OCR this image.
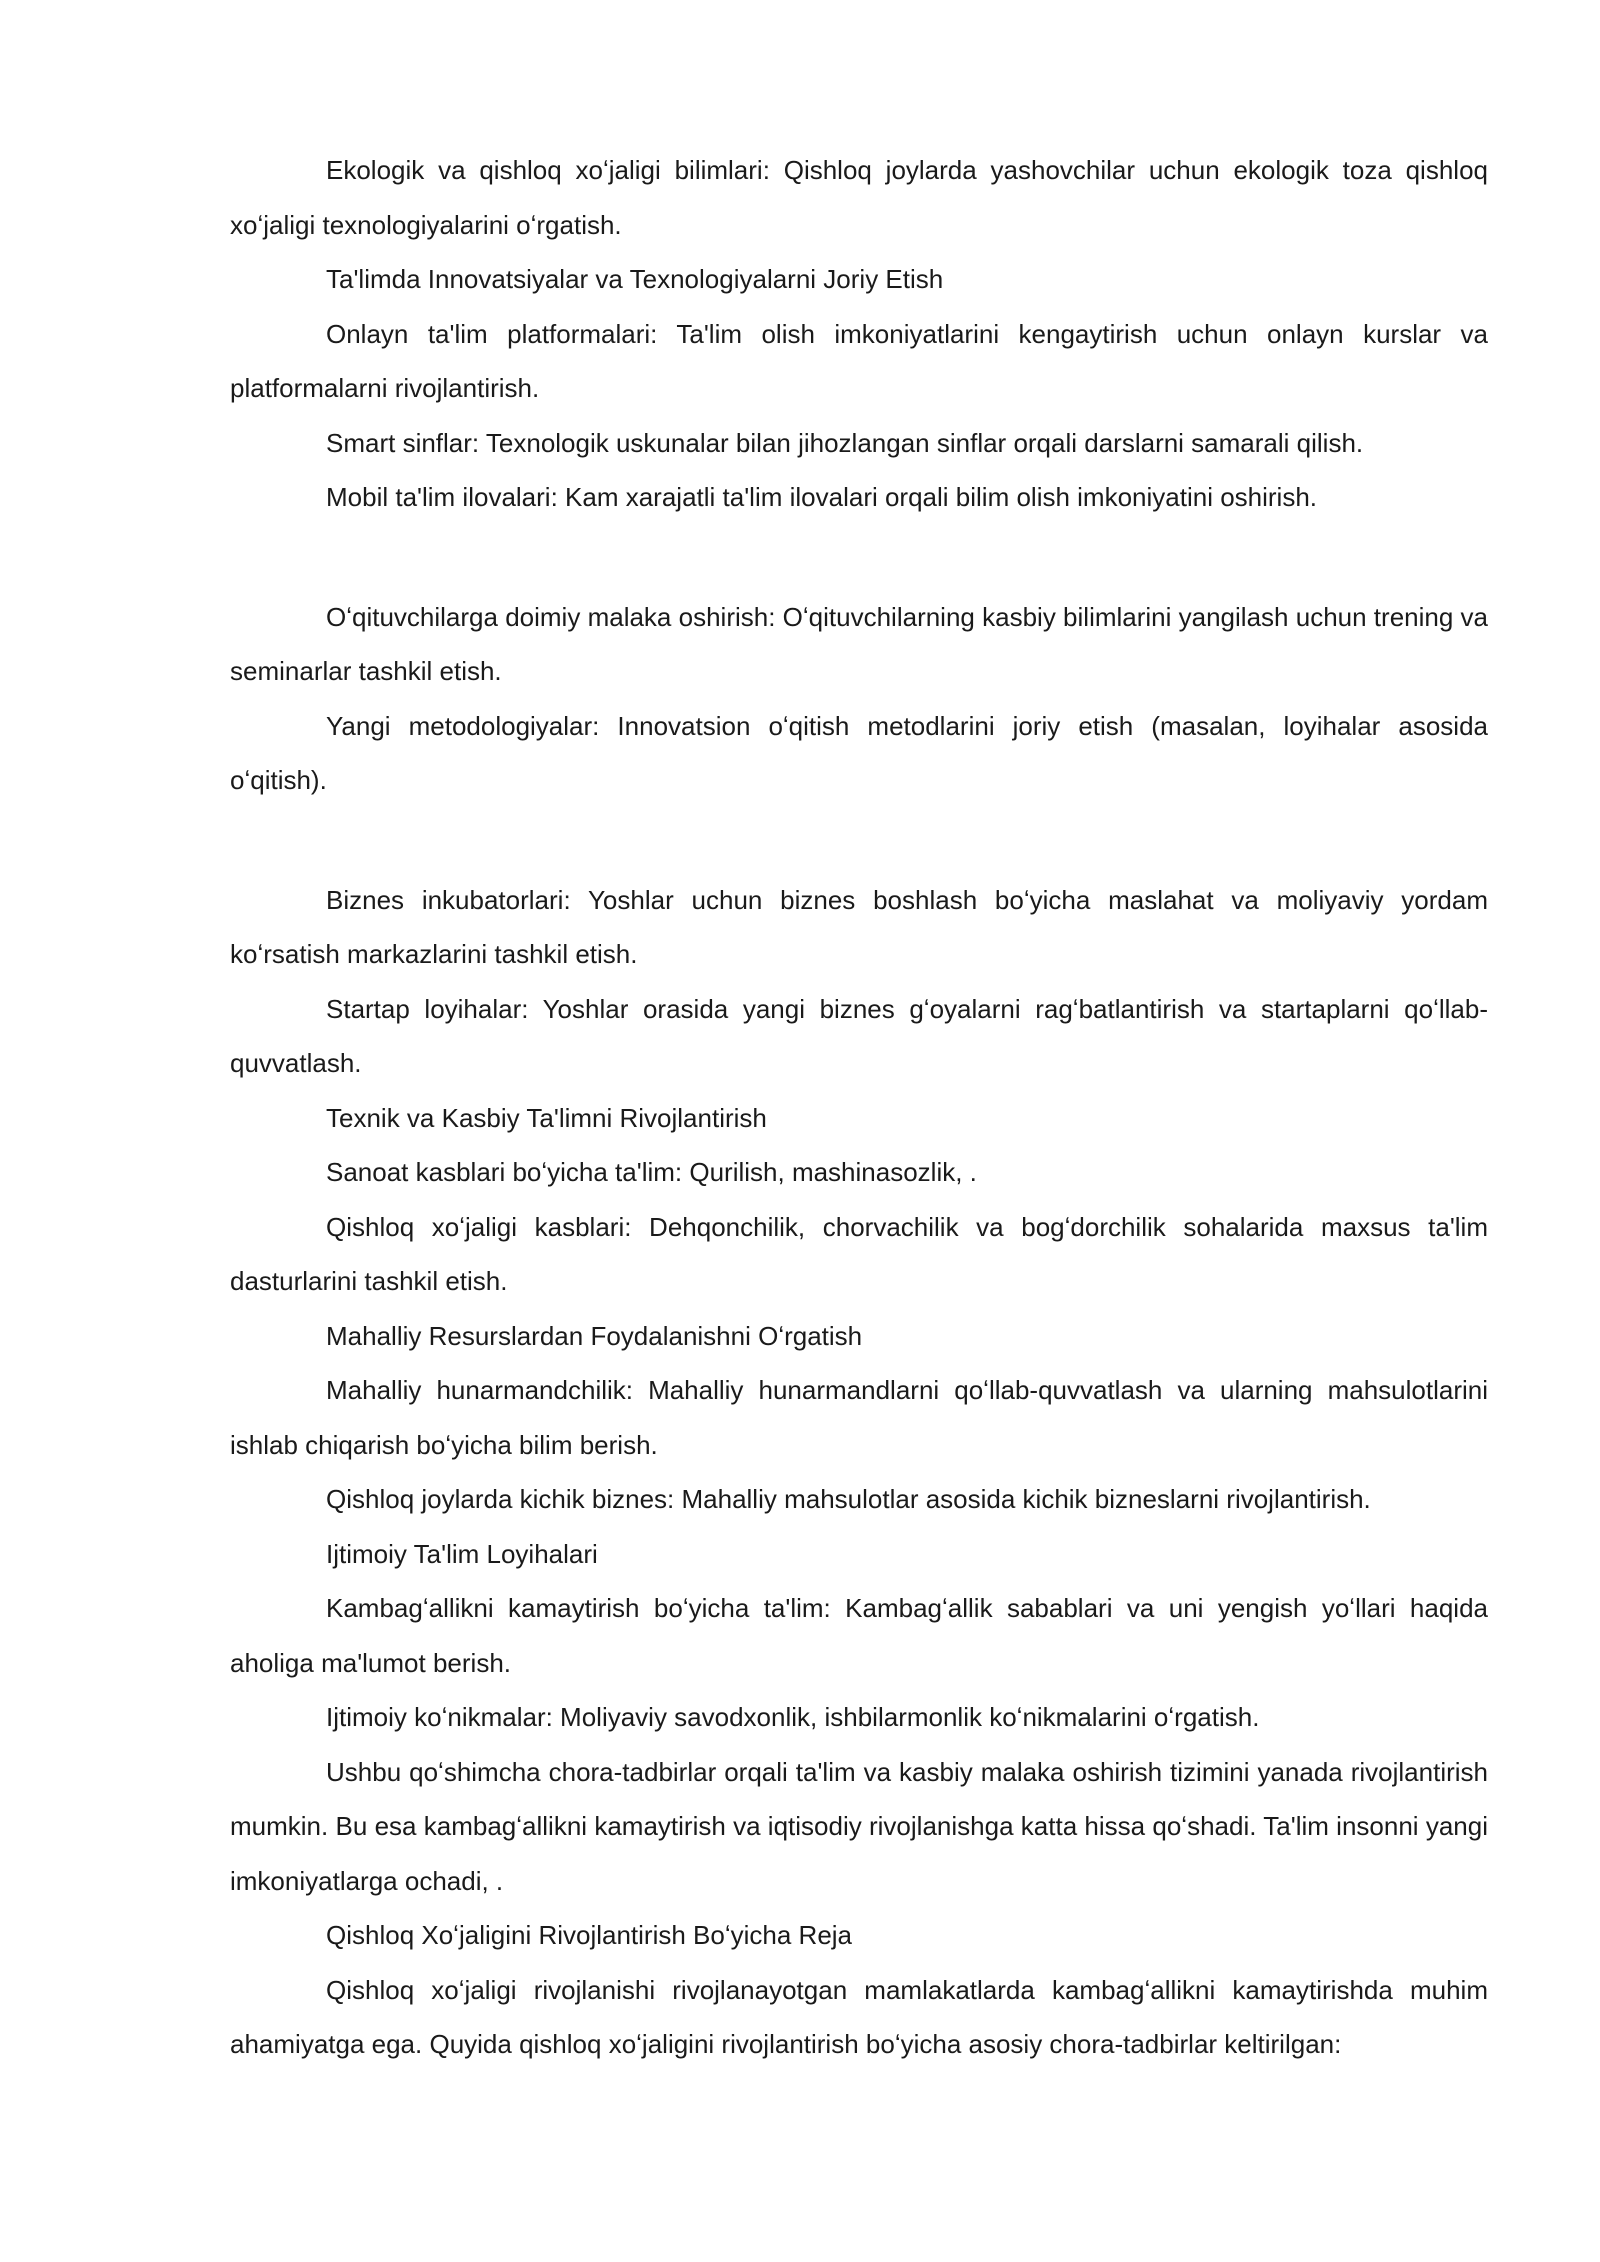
Ekologik va qishloq xoʻjaligi bilimlari: Qishloq joylarda yashovchilar uchun ekologik toza qishloq xoʻjaligi texnologiyalarini oʻrgatish.

Ta'limda Innovatsiyalar va Texnologiyalarni Joriy Etish

Onlayn ta'lim platformalari: Ta'lim olish imkoniyatlarini kengaytirish uchun onlayn kurslar va platformalarni rivojlantirish.

Smart sinflar: Texnologik uskunalar bilan jihozlangan sinflar orqali darslarni samarali qilish.

Mobil ta'lim ilovalari: Kam xarajatli ta'lim ilovalari orqali bilim olish imkoniyatini oshirish.

Oʻqituvchilarga doimiy malaka oshirish: Oʻqituvchilarning kasbiy bilimlarini yangilash uchun trening va seminarlar tashkil etish.

Yangi metodologiyalar: Innovatsion oʻqitish metodlarini joriy etish (masalan, loyihalar asosida oʻqitish).

Biznes inkubatorlari: Yoshlar uchun biznes boshlash boʻyicha maslahat va moliyaviy yordam koʻrsatish markazlarini tashkil etish.

Startap loyihalar: Yoshlar orasida yangi biznes gʻoyalarni ragʻbatlantirish va startaplarni qoʻllab-quvvatlash.

Texnik va Kasbiy Ta'limni Rivojlantirish

Sanoat kasblari boʻyicha ta'lim: Qurilish, mashinasozlik, .

Qishloq xoʻjaligi kasblari: Dehqonchilik, chorvachilik va bogʻdorchilik sohalarida maxsus ta'lim dasturlarini tashkil etish.

Mahalliy Resurslardan Foydalanishni Oʻrgatish

Mahalliy hunarmandchilik: Mahalliy hunarmandlarni qoʻllab-quvvatlash va ularning mahsulotlarini ishlab chiqarish boʻyicha bilim berish.

Qishloq joylarda kichik biznes: Mahalliy mahsulotlar asosida kichik bizneslarni rivojlantirish.

Ijtimoiy Ta'lim Loyihalari

Kambagʻallikni kamaytirish boʻyicha ta'lim: Kambagʻallik sabablari va uni yengish yoʻllari haqida aholiga ma'lumot berish.

Ijtimoiy koʻnikmalar: Moliyaviy savodxonlik, ishbilarmonlik koʻnikmalarini oʻrgatish.

Ushbu qoʻshimcha chora-tadbirlar orqali ta'lim va kasbiy malaka oshirish tizimini yanada rivojlantirish mumkin. Bu esa kambagʻallikni kamaytirish va iqtisodiy rivojlanishga katta hissa qoʻshadi. Ta'lim insonni yangi imkoniyatlarga ochadi, .

Qishloq Xoʻjaligini Rivojlantirish Boʻyicha Reja

Qishloq xoʻjaligi rivojlanishi rivojlanayotgan mamlakatlarda kambagʻallikni kamaytirishda muhim ahamiyatga ega. Quyida qishloq xoʻjaligini rivojlantirish boʻyicha asosiy chora-tadbirlar keltirilgan:
